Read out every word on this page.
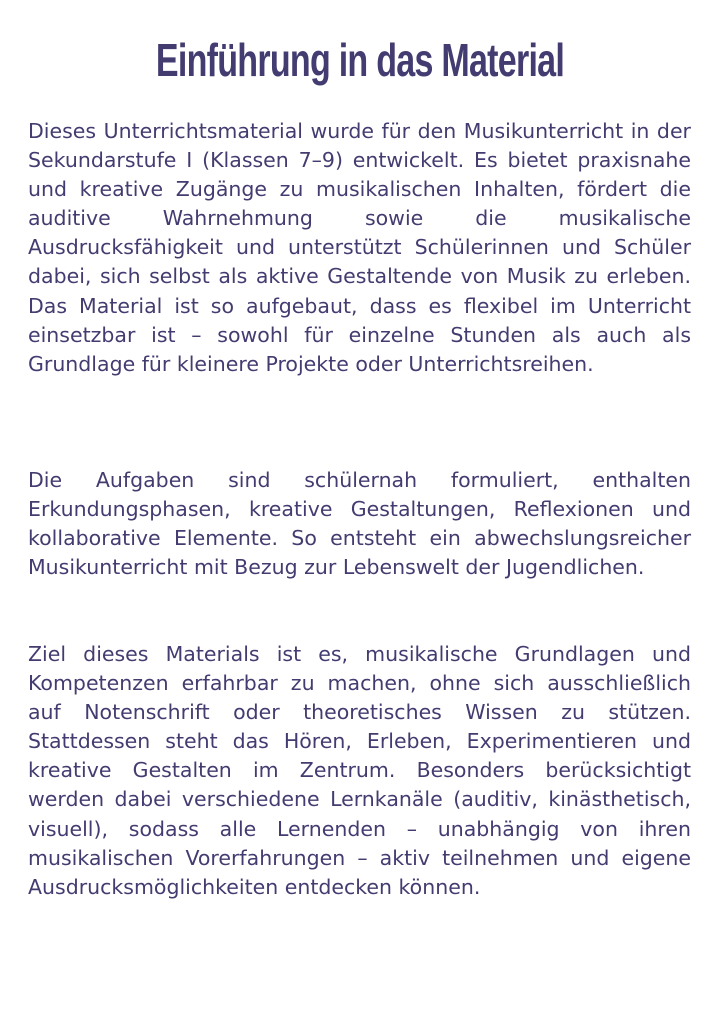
Einführung in das Material

Dieses Unterrichtsmaterial wurde für den Musikunterricht in der Sekundarstufe I (Klassen 7–9) entwickelt. Es bietet praxisnahe und kreative Zugänge zu musikalischen Inhalten, fördert die auditive Wahrnehmung sowie die musikalische Ausdrucksfähigkeit und unterstützt Schülerinnen und Schüler dabei, sich selbst als aktive Gestaltende von Musik zu erleben. Das Material ist so aufgebaut, dass es flexibel im Unterricht einsetzbar ist – sowohl für einzelne Stunden als auch als Grundlage für kleinere Projekte oder Unterrichtsreihen.

Die Aufgaben sind schülernah formuliert, enthalten Erkundungsphasen, kreative Gestaltungen, Reflexionen und kollaborative Elemente. So entsteht ein abwechslungsreicher Musikunterricht mit Bezug zur Lebenswelt der Jugendlichen.

Ziel dieses Materials ist es, musikalische Grundlagen und Kompetenzen erfahrbar zu machen, ohne sich ausschließlich auf Notenschrift oder theoretisches Wissen zu stützen. Stattdessen steht das Hören, Erleben, Experimentieren und kreative Gestalten im Zentrum. Besonders berücksichtigt werden dabei verschiedene Lernkanäle (auditiv, kinästhetisch, visuell), sodass alle Lernenden – unabhängig von ihren musikalischen Vorerfahrungen – aktiv teilnehmen und eigene Ausdrucksmöglichkeiten entdecken können.
